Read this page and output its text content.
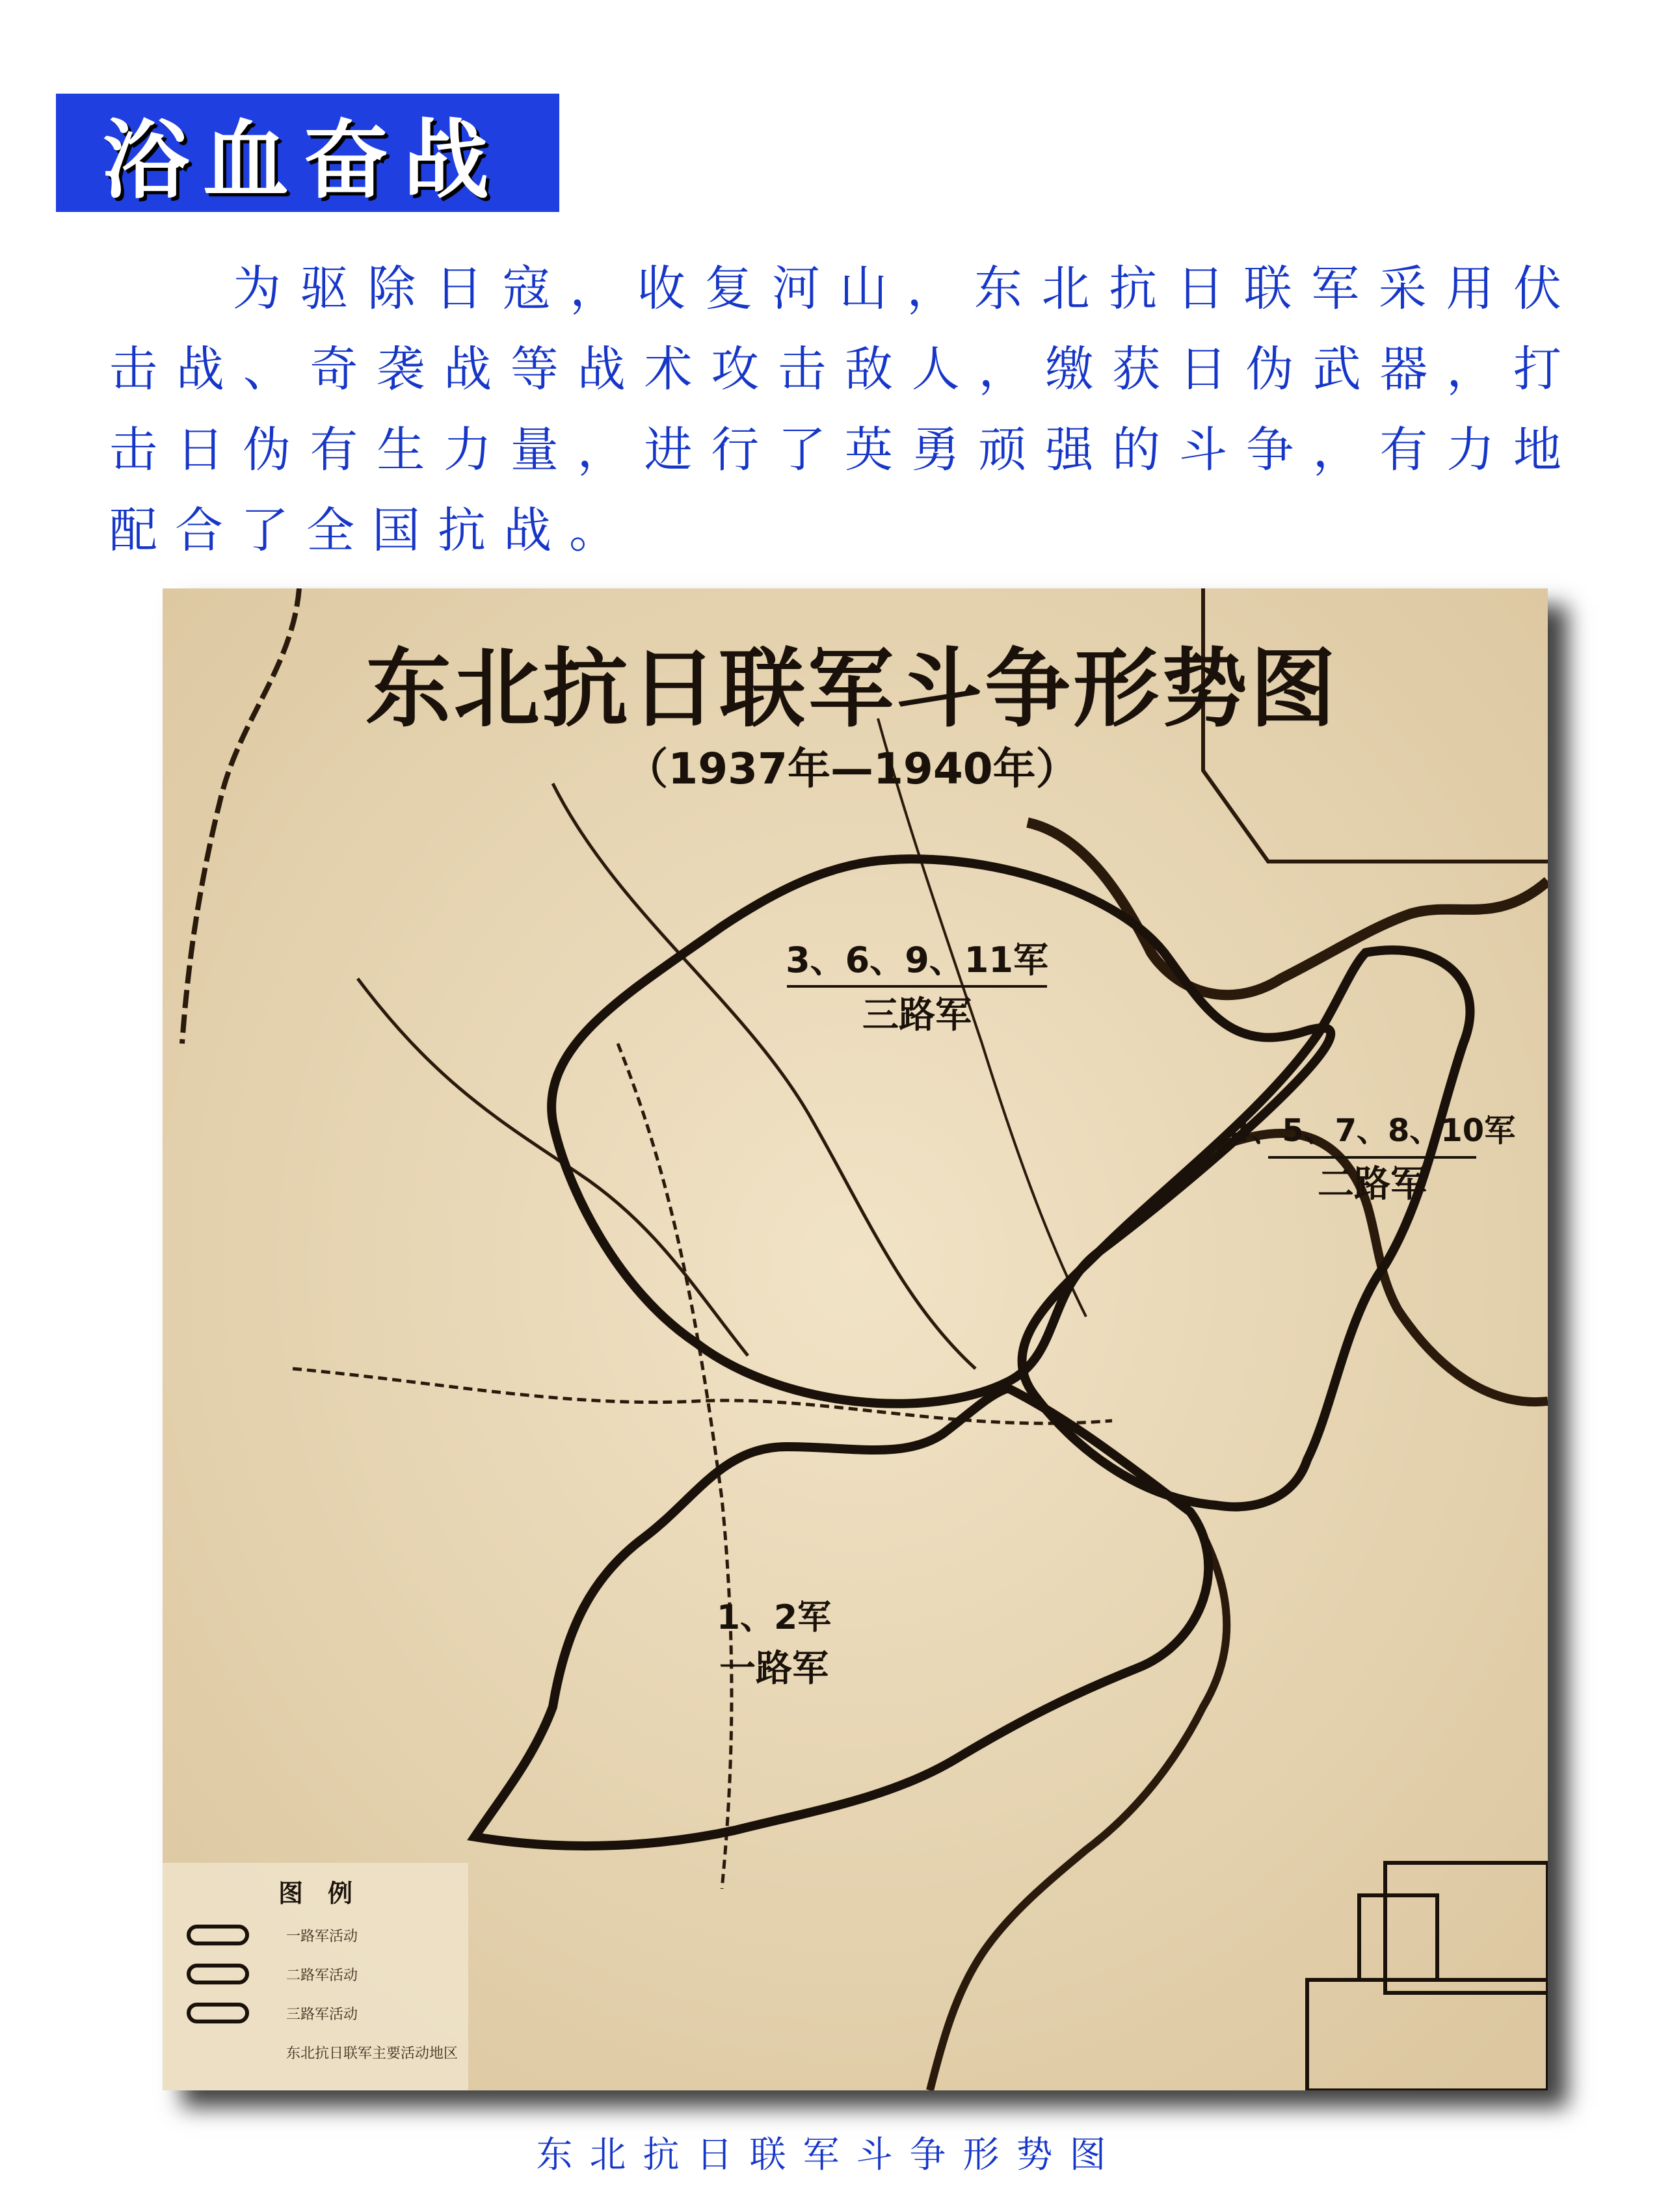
浴血奋战
为驱除日寇，收复河山，东北抗日联军采用伏击战、奇袭战等战术攻击敌人，缴获日伪武器，打击日伪有生力量，进行了英勇顽强的斗争，有力地配合了全国抗战。
东北抗日联军斗争形势图
（1937年—1940年）
3、6、9、11军
三路军
4、5、7、8、10军
二路军
1、2军
一路军
图　例
一路军活动
二路军活动
三路军活动
东北抗日联军主要活动地区
东北抗日联军斗争形势图
